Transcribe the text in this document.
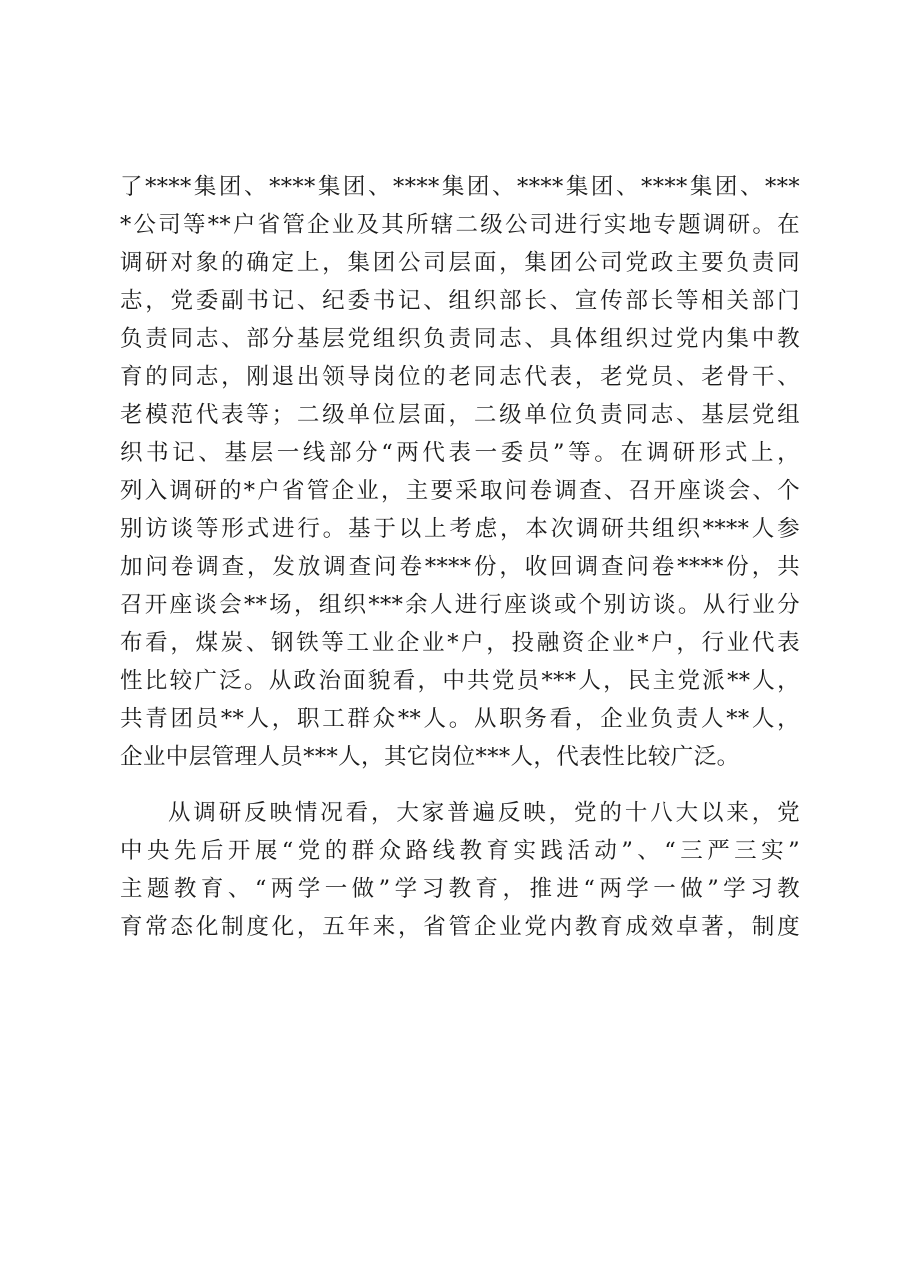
了****集团、****集团、****集团、****集团、****集团、***
*公司等**户省管企业及其所辖二级公司进行实地专题调研。在
调研对象的确定上，集团公司层面，集团公司党政主要负责同
志，党委副书记、纪委书记、组织部长、宣传部长等相关部门
负责同志、部分基层党组织负责同志、具体组织过党内集中教
育的同志，刚退出领导岗位的老同志代表，老党员、老骨干、
老模范代表等；二级单位层面，二级单位负责同志、基层党组
织书记、基层一线部分“两代表一委员”等。在调研形式上，
列入调研的*户省管企业，主要采取问卷调查、召开座谈会、个
别访谈等形式进行。基于以上考虑，本次调研共组织****人参
加问卷调查，发放调查问卷****份，收回调查问卷****份，共
召开座谈会**场，组织***余人进行座谈或个别访谈。从行业分
布看，煤炭、钢铁等工业企业*户，投融资企业*户，行业代表
性比较广泛。从政治面貌看，中共党员***人，民主党派**人，
共青团员**人，职工群众**人。从职务看，企业负责人**人，
企业中层管理人员***人，其它岗位***人，代表性比较广泛。
从调研反映情况看，大家普遍反映，党的十八大以来，党
中央先后开展“党的群众路线教育实践活动”、“三严三实”
主题教育、“两学一做”学习教育，推进“两学一做”学习教
育常态化制度化，五年来，省管企业党内教育成效卓著，制度
